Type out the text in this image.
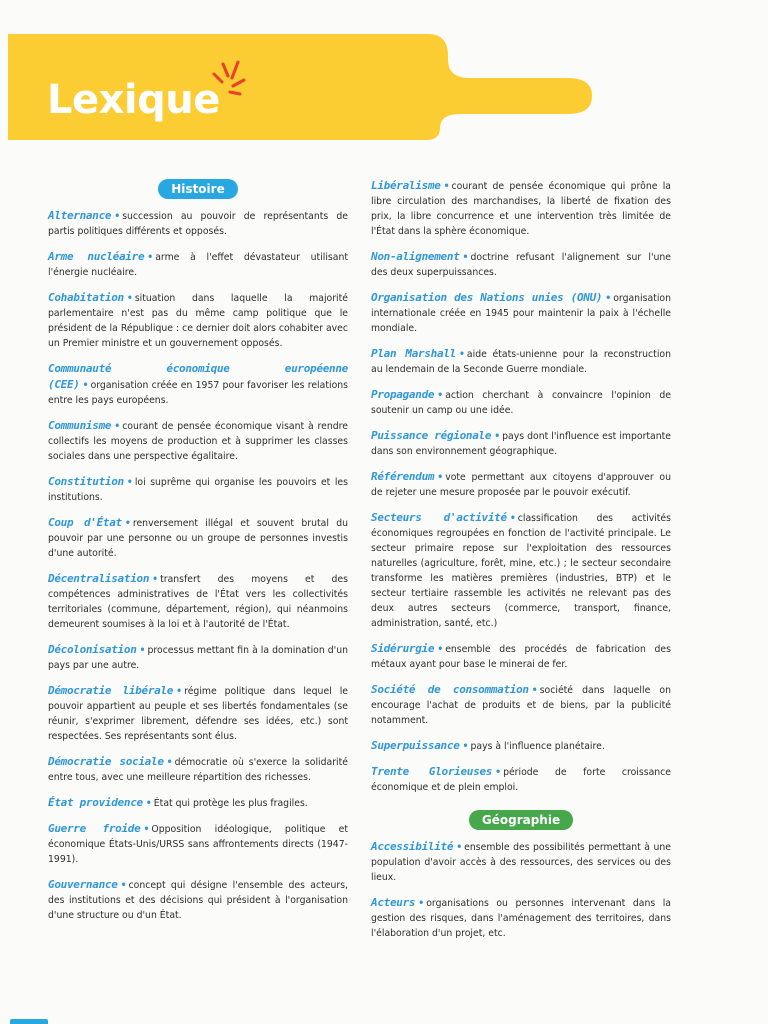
Lexique
Histoire

Alternance • succession au pouvoir de représentants de partis politiques différents et opposés.

Arme nucléaire • arme à l'effet dévastateur utilisant l'énergie nucléaire.

Cohabitation • situation dans laquelle la majorité parlementaire n'est pas du même camp politique que le président de la République : ce dernier doit alors cohabiter avec un Premier ministre et un gouvernement opposés.

Communauté économique européenne (CEE) • organisation créée en 1957 pour favoriser les relations entre les pays européens.

Communisme • courant de pensée économique visant à rendre collectifs les moyens de production et à supprimer les classes sociales dans une perspective égalitaire.

Constitution • loi suprême qui organise les pouvoirs et les institutions.

Coup d'État • renversement illégal et souvent brutal du pouvoir par une personne ou un groupe de personnes investis d'une autorité.

Décentralisation • transfert des moyens et des compétences administratives de l'État vers les collectivités territoriales (commune, département, région), qui néanmoins demeurent soumises à la loi et à l'autorité de l'État.

Décolonisation • processus mettant fin à la domination d'un pays par une autre.

Démocratie libérale • régime politique dans lequel le pouvoir appartient au peuple et ses libertés fondamentales (se réunir, s'exprimer librement, défendre ses idées, etc.) sont respectées. Ses représentants sont élus.

Démocratie sociale • démocratie où s'exerce la solidarité entre tous, avec une meilleure répartition des richesses.

État providence • État qui protège les plus fragiles.

Guerre froide • Opposition idéologique, politique et économique États-Unis/URSS sans affrontements directs (1947-1991).

Gouvernance • concept qui désigne l'ensemble des acteurs, des institutions et des décisions qui président à l'organisation d'une structure ou d'un État.

Libéralisme • courant de pensée économique qui prône la libre circulation des marchandises, la liberté de fixation des prix, la libre concurrence et une intervention très limitée de l'État dans la sphère économique.

Non-alignement • doctrine refusant l'alignement sur l'une des deux superpuissances.

Organisation des Nations unies (ONU) • organisation internationale créée en 1945 pour maintenir la paix à l'échelle mondiale.

Plan Marshall • aide états-unienne pour la reconstruction au lendemain de la Seconde Guerre mondiale.

Propagande • action cherchant à convaincre l'opinion de soutenir un camp ou une idée.

Puissance régionale • pays dont l'influence est importante dans son environnement géographique.

Référendum • vote permettant aux citoyens d'approuver ou de rejeter une mesure proposée par le pouvoir exécutif.

Secteurs d'activité • classification des activités économiques regroupées en fonction de l'activité principale. Le secteur primaire repose sur l'exploitation des ressources naturelles (agriculture, forêt, mine, etc.) ; le secteur secondaire transforme les matières premières (industries, BTP) et le secteur tertiaire rassemble les activités ne relevant pas des deux autres secteurs (commerce, transport, finance, administration, santé, etc.)

Sidérurgie • ensemble des procédés de fabrication des métaux ayant pour base le minerai de fer.

Société de consommation • société dans laquelle on encourage l'achat de produits et de biens, par la publicité notamment.

Superpuissance • pays à l'influence planétaire.

Trente Glorieuses • période de forte croissance économique et de plein emploi.

Géographie

Accessibilité • ensemble des possibilités permettant à une population d'avoir accès à des ressources, des services ou des lieux.

Acteurs • organisations ou personnes intervenant dans la gestion des risques, dans l'aménagement des territoires, dans l'élaboration d'un projet, etc.
